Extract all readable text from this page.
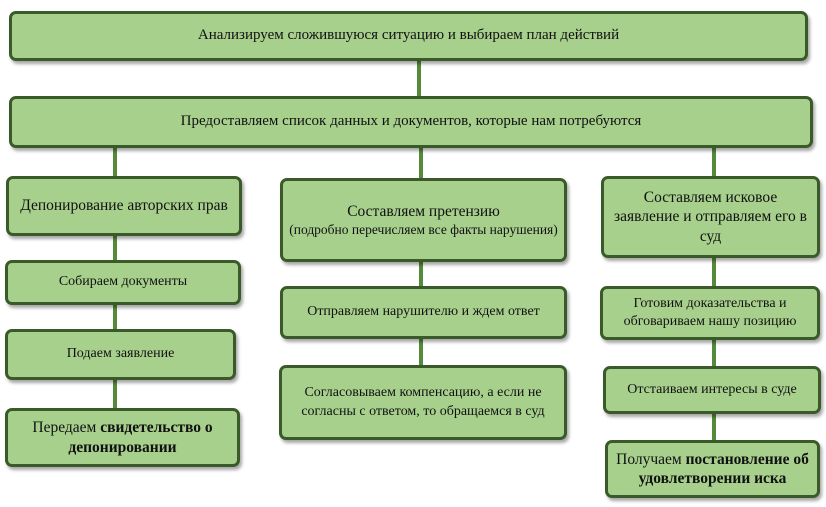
Анализируем сложившуюся ситуацию и выбираем план действий
Предоставляем список данных и документов, которые нам потребуются
Депонирование авторских прав
Собираем документы
Подаем заявление
Передаем свидетельство о депонировании
Составляем претензию
(подробно перечисляем все факты нарушения)
Отправляем нарушителю и ждем ответ
Согласовываем компенсацию, а если не согласны с ответом, то обращаемся в суд
Составляем исковое заявление и отправляем его в суд
Готовим доказательства и обговариваем нашу позицию
Отстаиваем интересы в суде
Получаем постановление об удовлетворении иска
